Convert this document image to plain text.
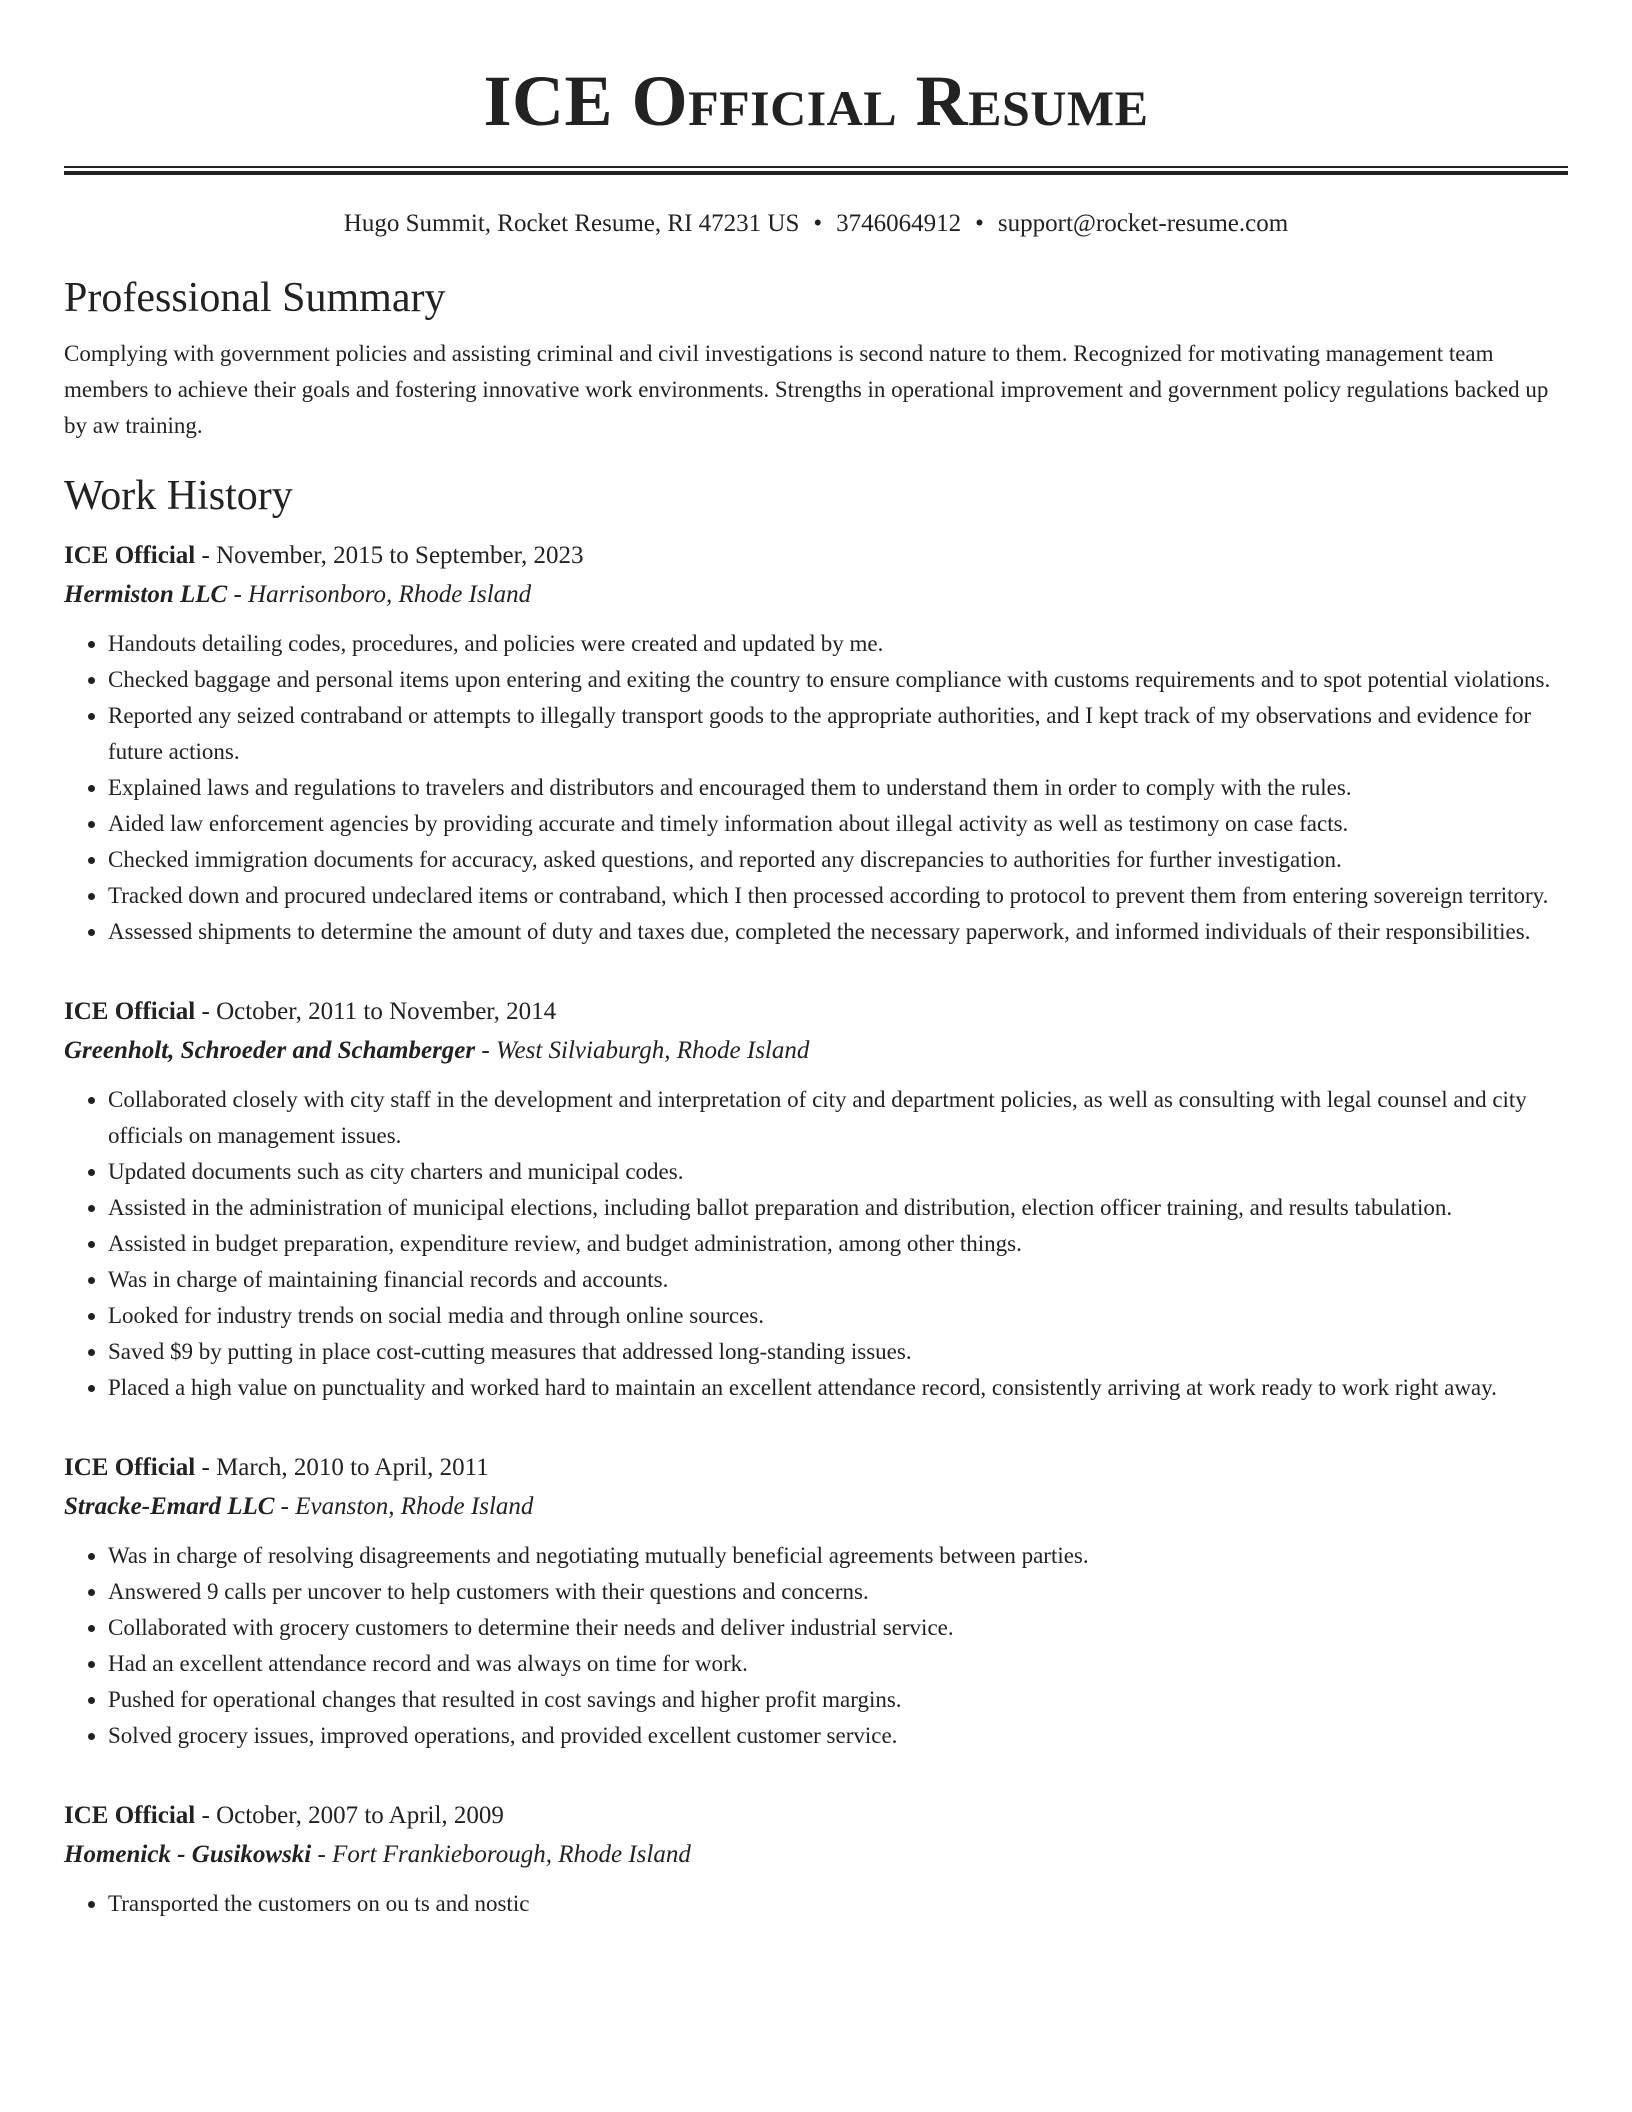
ICE Official Resume
Hugo Summit, Rocket Resume, RI 47231 US • 3746064912 • support@rocket-resume.com
Professional Summary

Complying with government policies and assisting criminal and civil investigations is second nature to them. Recognized for motivating management team members to achieve their goals and fostering innovative work environments. Strengths in operational improvement and government policy regulations backed up by aw training.

Work History
ICE Official - November, 2015 to September, 2023
Hermiston LLC - Harrisonboro, Rhode Island
• Handouts detailing codes, procedures, and policies were created and updated by me.
• Checked baggage and personal items upon entering and exiting the country to ensure compliance with customs requirements and to spot potential violations.
• Reported any seized contraband or attempts to illegally transport goods to the appropriate authorities, and I kept track of my observations and evidence for future actions.
• Explained laws and regulations to travelers and distributors and encouraged them to understand them in order to comply with the rules.
• Aided law enforcement agencies by providing accurate and timely information about illegal activity as well as testimony on case facts.
• Checked immigration documents for accuracy, asked questions, and reported any discrepancies to authorities for further investigation.
• Tracked down and procured undeclared items or contraband, which I then processed according to protocol to prevent them from entering sovereign territory.
• Assessed shipments to determine the amount of duty and taxes due, completed the necessary paperwork, and informed individuals of their responsibilities.
ICE Official - October, 2011 to November, 2014
Greenholt, Schroeder and Schamberger - West Silviaburgh, Rhode Island
• Collaborated closely with city staff in the development and interpretation of city and department policies, as well as consulting with legal counsel and city officials on management issues.
• Updated documents such as city charters and municipal codes.
• Assisted in the administration of municipal elections, including ballot preparation and distribution, election officer training, and results tabulation.
• Assisted in budget preparation, expenditure review, and budget administration, among other things.
• Was in charge of maintaining financial records and accounts.
• Looked for industry trends on social media and through online sources.
• Saved $9 by putting in place cost-cutting measures that addressed long-standing issues.
• Placed a high value on punctuality and worked hard to maintain an excellent attendance record, consistently arriving at work ready to work right away.
ICE Official - March, 2010 to April, 2011
Stracke-Emard LLC - Evanston, Rhode Island
• Was in charge of resolving disagreements and negotiating mutually beneficial agreements between parties.
• Answered 9 calls per uncover to help customers with their questions and concerns.
• Collaborated with grocery customers to determine their needs and deliver industrial service.
• Had an excellent attendance record and was always on time for work.
• Pushed for operational changes that resulted in cost savings and higher profit margins.
• Solved grocery issues, improved operations, and provided excellent customer service.
ICE Official - October, 2007 to April, 2009
Homenick - Gusikowski - Fort Frankieborough, Rhode Island
• Transported the customers on ou ts and nostic
